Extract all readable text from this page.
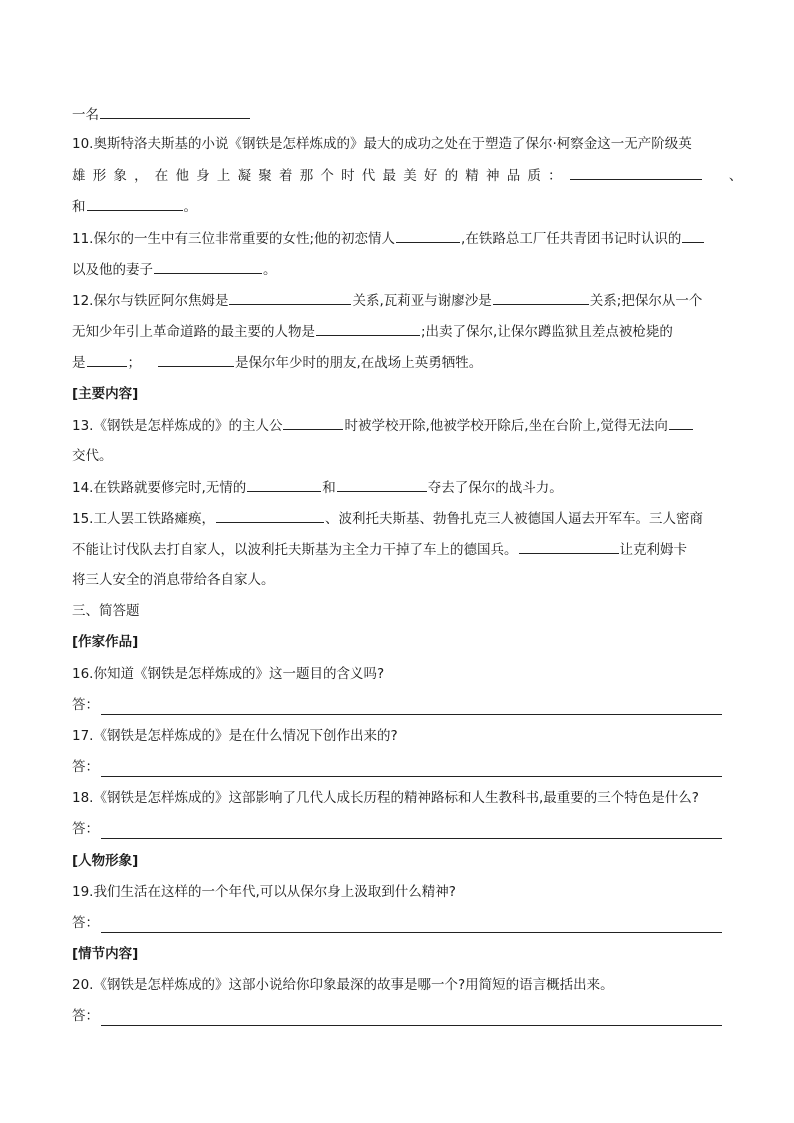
一名
10.奥斯特洛夫斯基的小说《钢铁是怎样炼成的》最大的成功之处在于塑造了保尔·柯察金这一无产阶级英
雄形象，在他身上凝聚着那个时代最美好的精神品质：	、
和	。
11.保尔的一生中有三位非常重要的女性;他的初恋情人	,在铁路总工厂任共青团书记时认识的
以及他的妻子	。
12.保尔与铁匠阿尔焦姆是	关系,瓦莉亚与谢廖沙是	关系;把保尔从一个
无知少年引上革命道路的最主要的人物是	;出卖了保尔,让保尔蹲监狱且差点被枪毙的
是	；	是保尔年少时的朋友,在战场上英勇牺牲。
[主要内容]
13.《钢铁是怎样炼成的》的主人公	时被学校开除,他被学校开除后,坐在台阶上,觉得无法向
交代。
14.在铁路就要修完时,无情的	和	夺去了保尔的战斗力。
15.工人罢工铁路瘫痪，	、波利托夫斯基、勃鲁扎克三人被德国人逼去开军车。三人密商
不能让讨伐队去打自家人，以波利托夫斯基为主全力干掉了车上的德国兵。	让克利姆卡
将三人安全的消息带给各自家人。
三、简答题
[作家作品]
16.你知道《钢铁是怎样炼成的》这一题目的含义吗?
答：
17.《钢铁是怎样炼成的》是在什么情况下创作出来的?
答：
18.《钢铁是怎样炼成的》这部影响了几代人成长历程的精神路标和人生教科书,最重要的三个特色是什么?
答：
[人物形象]
19.我们生活在这样的一个年代,可以从保尔身上汲取到什么精神?
答：
[情节内容]
20.《钢铁是怎样炼成的》这部小说给你印象最深的故事是哪一个?用简短的语言概括出来。
答：
